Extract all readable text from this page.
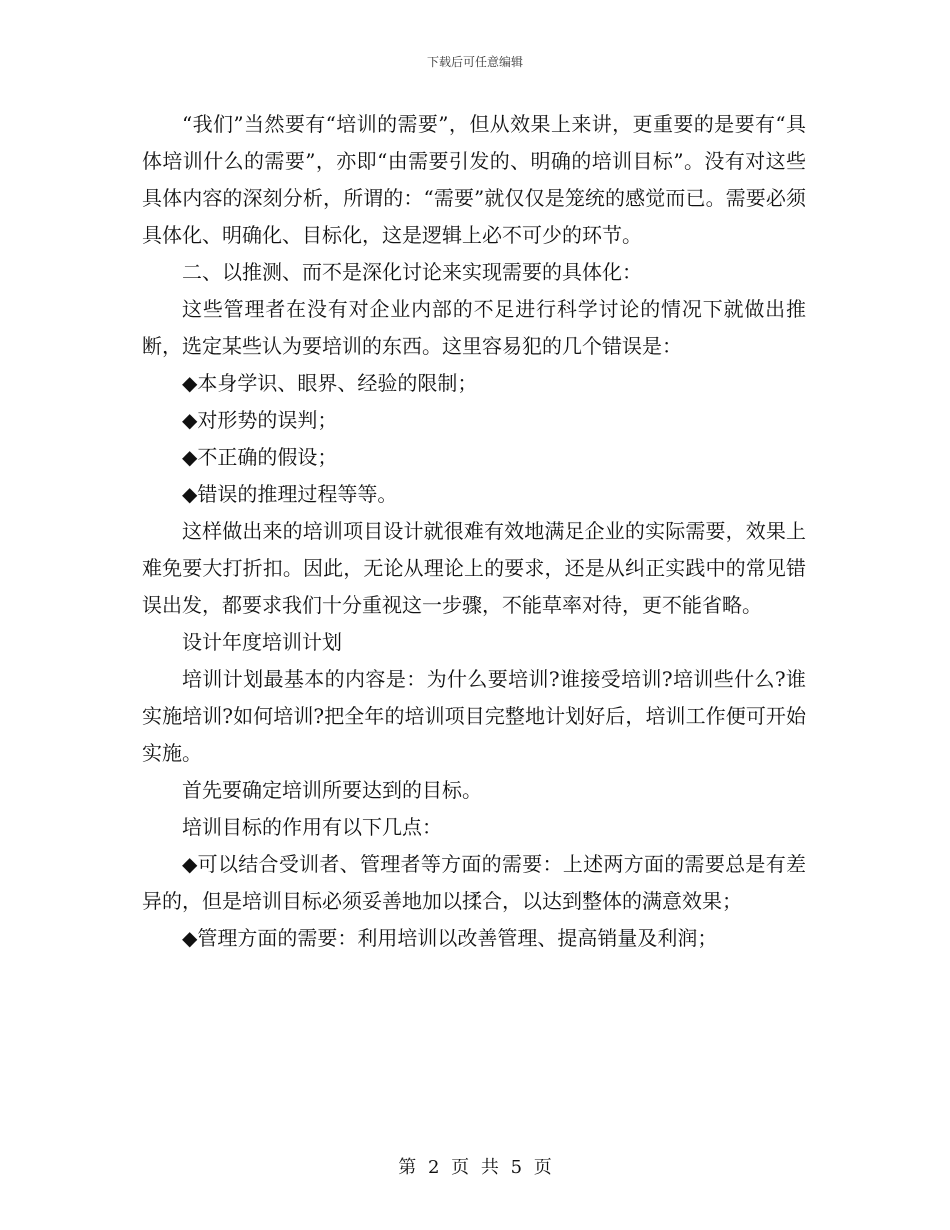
下载后可任意编辑

“我们”当然要有“培训的需要”，但从效果上来讲，更重要的是要有“具体培训什么的需要”，亦即“由需要引发的、明确的培训目标”。没有对这些具体内容的深刻分析，所谓的：“需要”就仅仅是笼统的感觉而已。需要必须具体化、明确化、目标化，这是逻辑上必不可少的环节。

二、以推测、而不是深化讨论来实现需要的具体化：

这些管理者在没有对企业内部的不足进行科学讨论的情况下就做出推断，选定某些认为要培训的东西。这里容易犯的几个错误是：

◆本身学识、眼界、经验的限制；

◆对形势的误判；

◆不正确的假设；

◆错误的推理过程等等。

这样做出来的培训项目设计就很难有效地满足企业的实际需要，效果上难免要大打折扣。因此，无论从理论上的要求，还是从纠正实践中的常见错误出发，都要求我们十分重视这一步骤，不能草率对待，更不能省略。

设计年度培训计划

培训计划最基本的内容是：为什么要培训?谁接受培训?培训些什么?谁实施培训?如何培训?把全年的培训项目完整地计划好后，培训工作便可开始实施。

首先要确定培训所要达到的目标。

培训目标的作用有以下几点：

◆可以结合受训者、管理者等方面的需要：上述两方面的需要总是有差异的，但是培训目标必须妥善地加以揉合，以达到整体的满意效果；

◆管理方面的需要：利用培训以改善管理、提高销量及利润；

第 2 页 共 5 页
